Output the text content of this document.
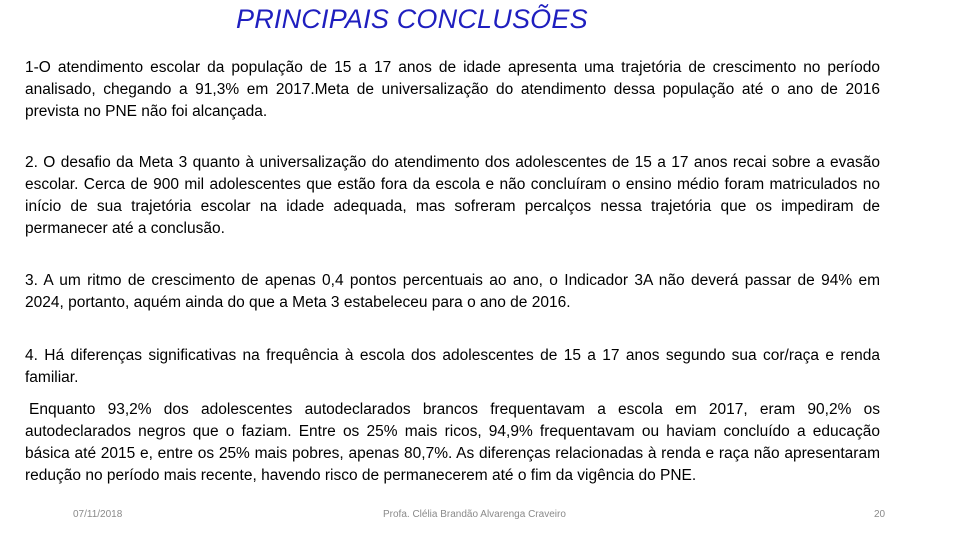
PRINCIPAIS CONCLUSÕES

1-O atendimento escolar da população de 15 a 17 anos de idade apresenta uma trajetória de crescimento no período analisado, chegando a 91,3% em 2017.Meta de universalização do atendimento dessa população até o ano de 2016 prevista no PNE não foi alcançada.

2. O desafio da Meta 3 quanto à universalização do atendimento dos adolescentes de 15 a 17 anos recai sobre a evasão escolar. Cerca de 900 mil adolescentes que estão fora da escola e não concluíram o ensino médio foram matriculados no início de sua trajetória escolar na idade adequada, mas sofreram percalços nessa trajetória que os impediram de permanecer até a conclusão.

3. A um ritmo de crescimento de apenas 0,4 pontos percentuais ao ano, o Indicador 3A não deverá passar de 94% em 2024, portanto, aquém ainda do que a Meta 3 estabeleceu para o ano de 2016.

4. Há diferenças significativas na frequência à escola dos adolescentes de 15 a 17 anos segundo sua cor/raça e renda familiar.

Enquanto 93,2% dos adolescentes autodeclarados brancos frequentavam a escola em 2017, eram 90,2% os autodeclarados negros que o faziam. Entre os 25% mais ricos, 94,9% frequentavam ou haviam concluído a educação básica até 2015 e, entre os 25% mais pobres, apenas 80,7%. As diferenças relacionadas à renda e raça não apresentaram redução no período mais recente, havendo risco de permanecerem até o fim da vigência do PNE.

07/11/2018	Profa. Clélia Brandão Alvarenga Craveiro	20
